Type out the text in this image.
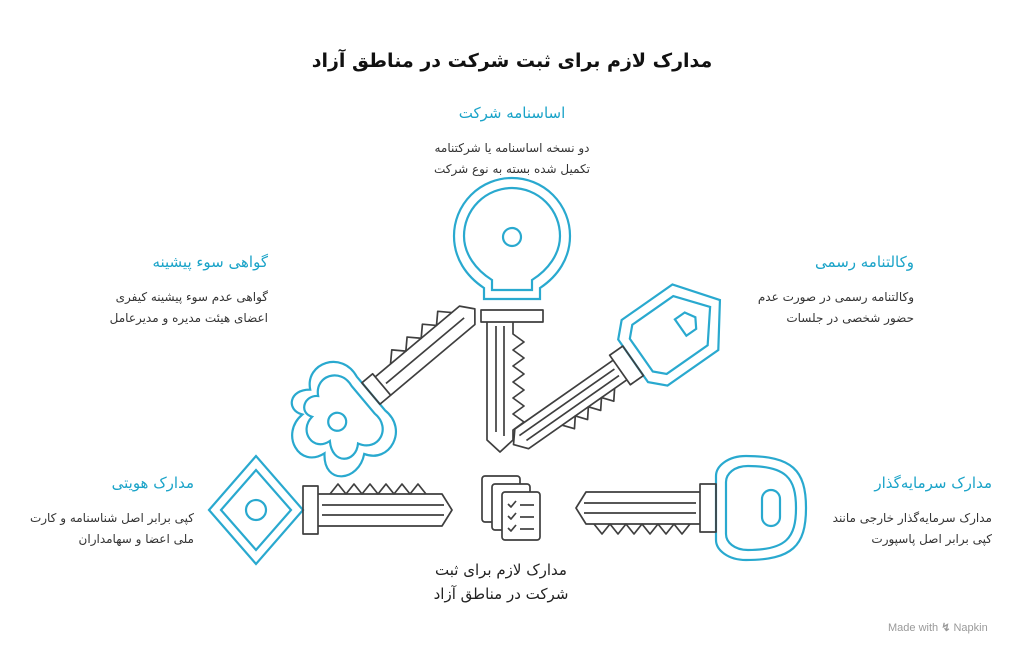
مدارک لازم برای ثبت شرکت در مناطق آزاد
اساسنامه شرکت
دو نسخه اساسنامه یا شرکتنامه
تکمیل شده بسته به نوع شرکت
گواهی سوء پیشینه
گواهی عدم سوء پیشینه کیفری
اعضای هیئت مدیره و مدیرعامل
وکالتنامه رسمی
وکالتنامه رسمی در صورت عدم
حضور شخصی در جلسات
مدارک هویتی
کپی برابر اصل شناسنامه و کارت
ملی اعضا و سهامداران
مدارک سرمایه‌گذار
مدارک سرمایه‌گذار خارجی مانند
کپی برابر اصل پاسپورت
مدارک لازم برای ثبت
شرکت در مناطق آزاد
Made with ↯ Napkin
